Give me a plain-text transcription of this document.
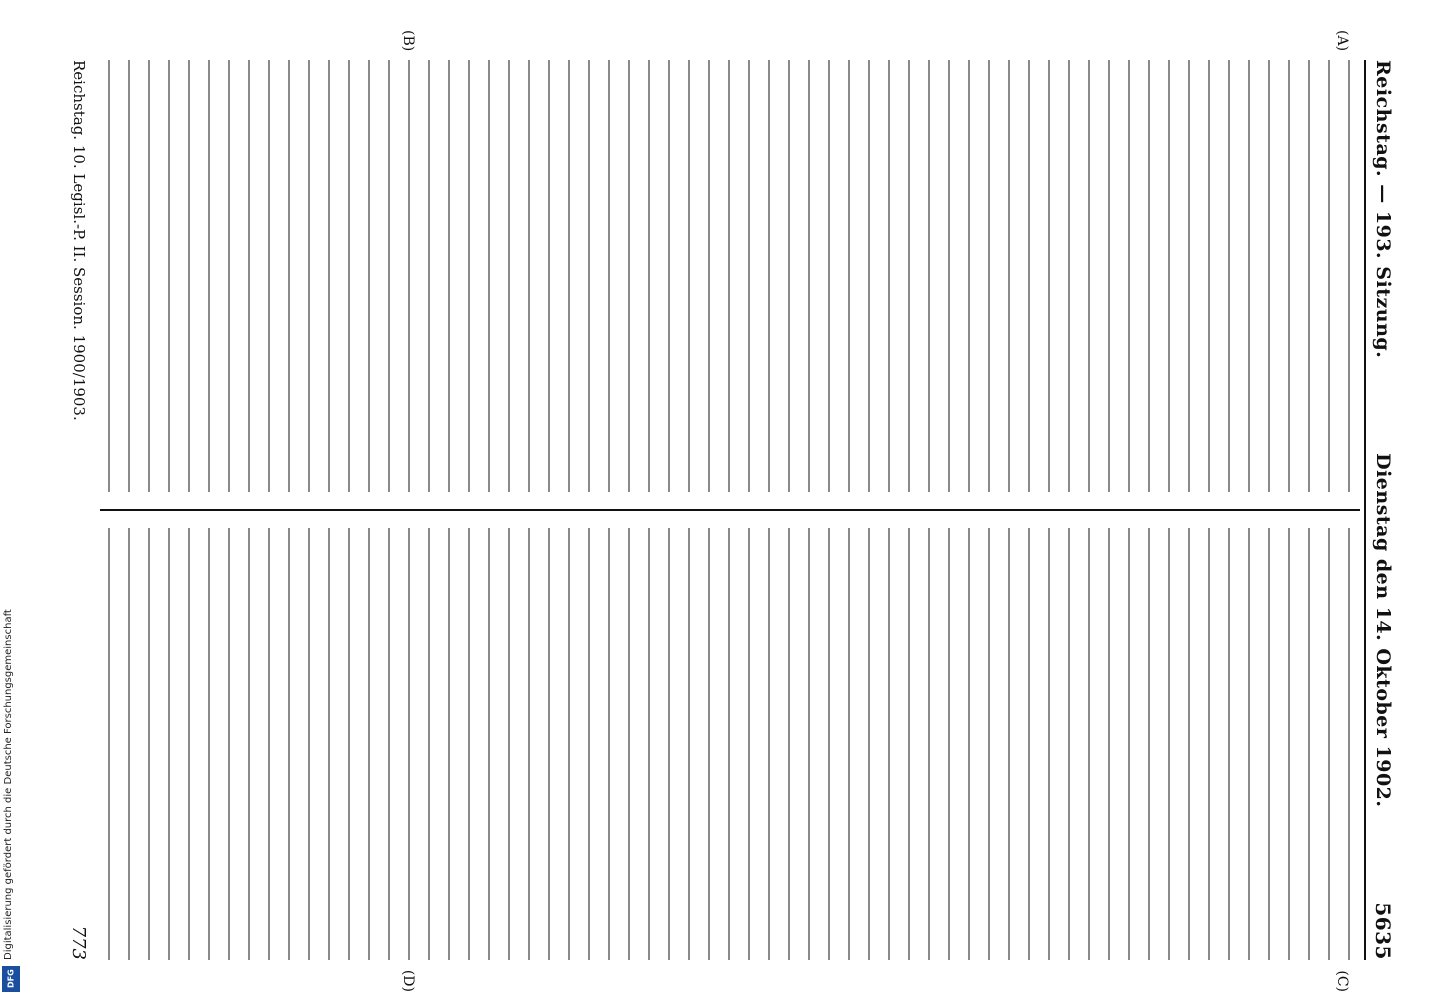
Digitalisierung gefördert durch die Deutsche Forschungsgemeinschaft
DFG
Reichstag. — 193. Sitzung.
Dienstag den 14. Oktober 1902.
5635
(A)
(B)
(C)
(D)
Reichstag. 10. Legisl.-P. II. Session. 1900/1903.
773
